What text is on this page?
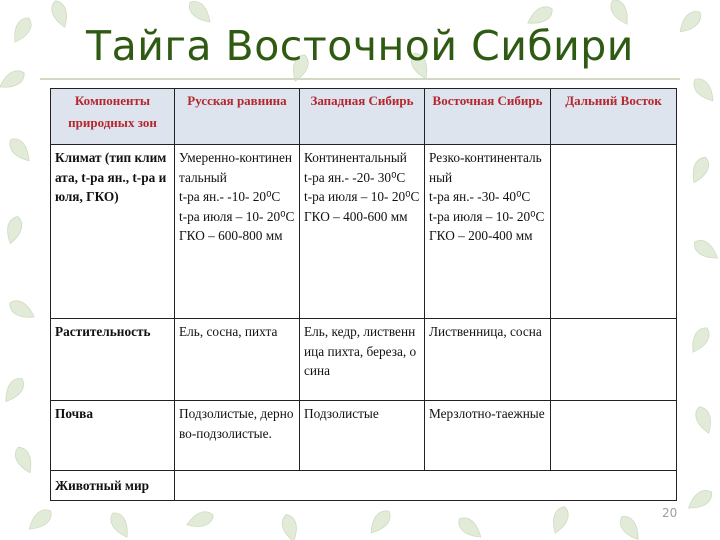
Тайга Восточной Сибири
Компоненты природных зон	Русская равнина	Западная Сибирь	Восточная Сибирь	Дальний Восток
Климат (тип климата, t-ра ян., t-ра июля, ГКО)	Умеренно-континентальный
t-ра ян.- -10- 20⁰С
t-ра июля – 10- 20⁰С
ГКО – 600-800 мм	Континентальный
t-ра ян.- -20- 30⁰С
t-ра июля – 10- 20⁰С
ГКО – 400-600 мм	Резко-континентальный
t-ра ян.- -30- 40⁰С
t-ра июля – 10- 20⁰С
ГКО – 200-400 мм	
Растительность	Ель, сосна, пихта	Ель, кедр, лиственница пихта, береза, осина	Лиственница, сосна	
Почва	Подзолистые, дерново-подзолистые.	Подзолистые	Мерзлотно-таежные	
Животный мир				
20
